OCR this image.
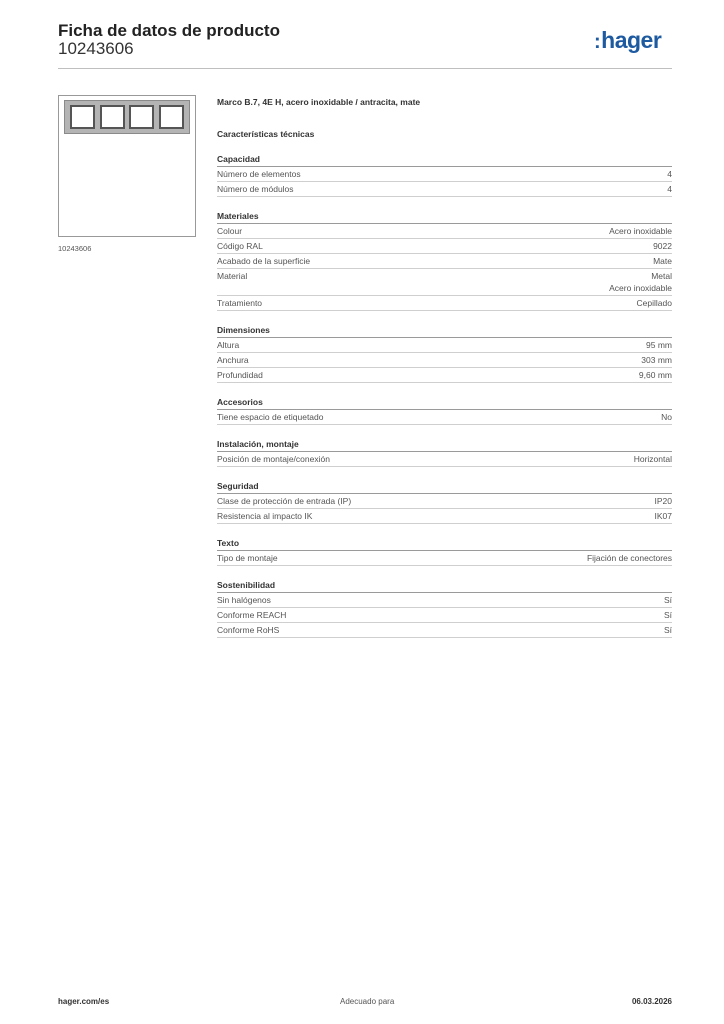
Ficha de datos de producto
10243606	:hager
10243606
Marco B.7, 4E H, acero inoxidable / antracita, mate
Características técnicas
Capacidad
Número de elementos	4
Número de módulos	4
Materiales
Colour	Acero inoxidable
Código RAL	9022
Acabado de la superficie	Mate
Material	Metal
Acero inoxidable
Tratamiento	Cepillado
Dimensiones
Altura	95 mm
Anchura	303 mm
Profundidad	9,60 mm
Accesorios
Tiene espacio de etiquetado	No
Instalación, montaje
Posición de montaje/conexión	Horizontal
Seguridad
Clase de protección de entrada (IP)	IP20
Resistencia al impacto IK	IK07
Texto
Tipo de montaje	Fijación de conectores
Sostenibilidad
Sin halógenos	Sí
Conforme REACH	Sí
Conforme RoHS	Sí
hager.com/es	Adecuado para	06.03.2026
